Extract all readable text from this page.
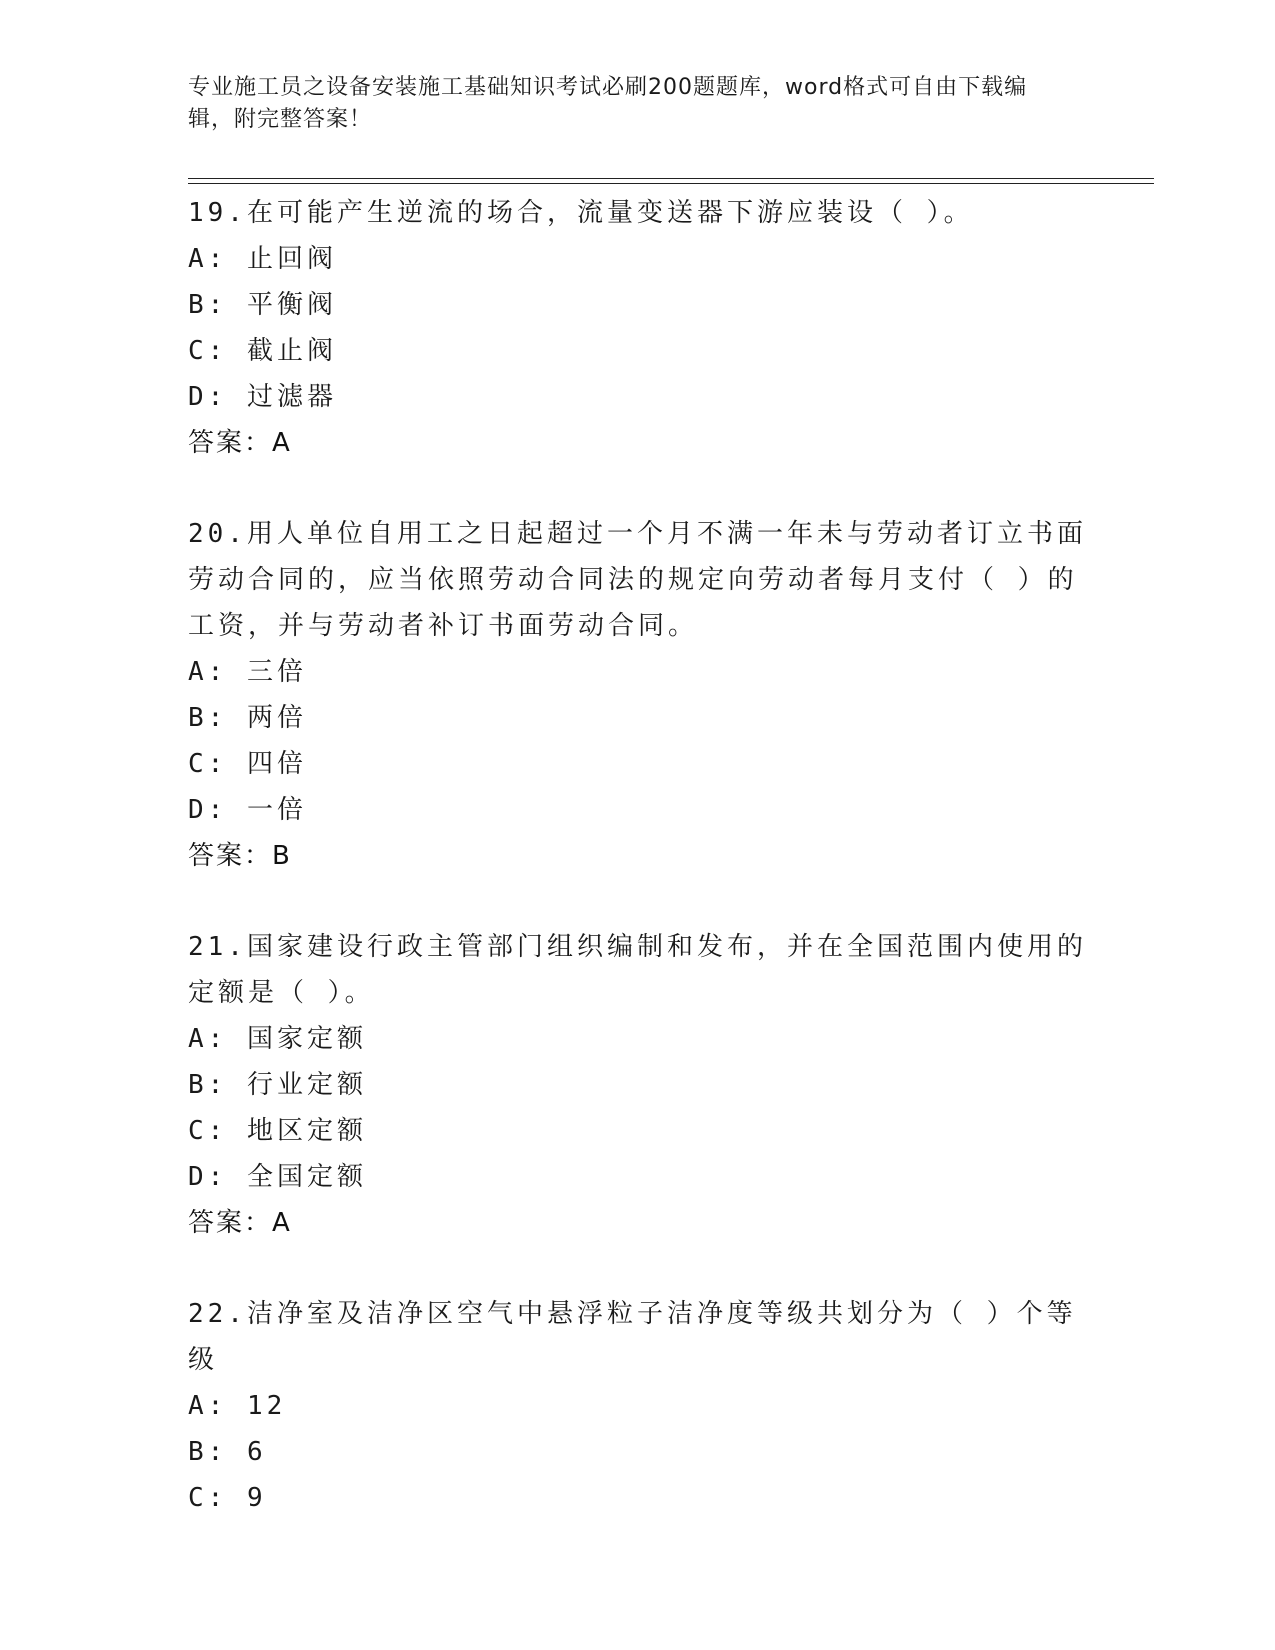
专业施工员之设备安装施工基础知识考试必刷200题题库，word格式可自由下载编辑，附完整答案！
19.在可能产生逆流的场合，流量变送器下游应装设（ ）。
A: 止回阀
B: 平衡阀
C: 截止阀
D: 过滤器
答案：A
20.用人单位自用工之日起超过一个月不满一年未与劳动者订立书面劳动合同的，应当依照劳动合同法的规定向劳动者每月支付（ ）的工资，并与劳动者补订书面劳动合同。
A: 三倍
B: 两倍
C: 四倍
D: 一倍
答案：B
21.国家建设行政主管部门组织编制和发布，并在全国范围内使用的定额是（ ）。
A: 国家定额
B: 行业定额
C: 地区定额
D: 全国定额
答案：A
22.洁净室及洁净区空气中悬浮粒子洁净度等级共划分为（ ）个等级
A: 12
B: 6
C: 9
